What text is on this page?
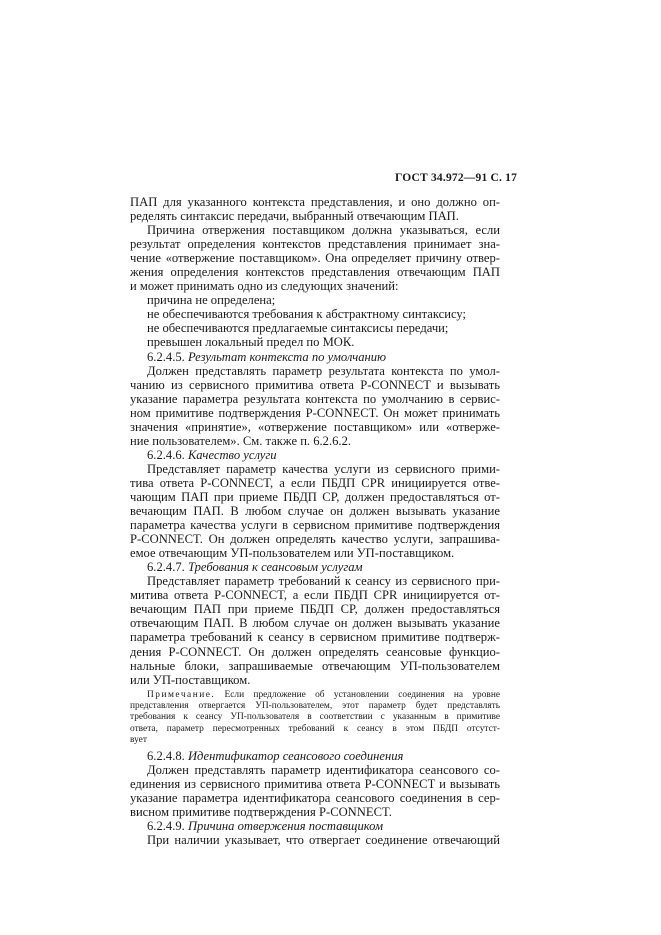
ГОСТ 34.972—91 С. 17
ПАП для указанного контекста представления, и оно должно оп-
ределять синтаксис передачи, выбранный отвечающим ПАП.
Причина отвержения поставщиком должна указываться, если
результат определения контекстов представления принимает зна-
чение «отвержение поставщиком». Она определяет причину отвер-
жения определения контекстов представления отвечающим ПАП
и может принимать одно из следующих значений:
причина не определена;
не обеспечиваются требования к абстрактному синтаксису;
не обеспечиваются предлагаемые синтаксисы передачи;
превышен локальный предел по МОК.
6.2.4.5. Результат контекста по умолчанию
Должен представлять параметр результата контекста по умол-
чанию из сервисного примитива ответа P-CONNECT и вызывать
указание параметра результата контекста по умолчанию в сервис-
ном примитиве подтверждения P-CONNECT. Он может принимать
значения «принятие», «отвержение поставщиком» или «отверже-
ние пользователем». См. также п. 6.2.6.2.
6.2.4.6. Качество услуги
Представляет параметр качества услуги из сервисного прими-
тива ответа P-CONNECT, а если ПБДП CPR инициируется отве-
чающим ПАП при приеме ПБДП CP, должен предоставляться от-
вечающим ПАП. В любом случае он должен вызывать указание
параметра качества услуги в сервисном примитиве подтверждения
P-CONNECT. Он должен определять качество услуги, запрашива-
емое отвечающим УП-пользователем или УП-поставщиком.
6.2.4.7. Требования к сеансовым услугам
Представляет параметр требований к сеансу из сервисного при-
митива ответа P-CONNECT, а если ПБДП CPR инициируется от-
вечающим ПАП при приеме ПБДП CP, должен предоставляться
отвечающим ПАП. В любом случае он должен вызывать указание
параметра требований к сеансу в сервисном примитиве подтверж-
дения P-CONNECT. Он должен определять сеансовые функцио-
нальные блоки, запрашиваемые отвечающим УП-пользователем
или УП-поставщиком.
Примечание. Если предложение об установлении соединения на уровне
представления отвергается УП-пользователем, этот параметр будет представлять
требования к сеансу УП-пользователя в соответствии с указанным в примитиве
ответа, параметр пересмотренных требований к сеансу в этом ПБДП отсутст-
вует
6.2.4.8. Идентификатор сеансового соединения
Должен представлять параметр идентификатора сеансового со-
единения из сервисного примитива ответа P-CONNECT и вызывать
указание параметра идентификатора сеансового соединения в сер-
висном примитиве подтверждения P-CONNECT.
6.2.4.9. Причина отвержения поставщиком
При наличии указывает, что отвергает соединение отвечающий
